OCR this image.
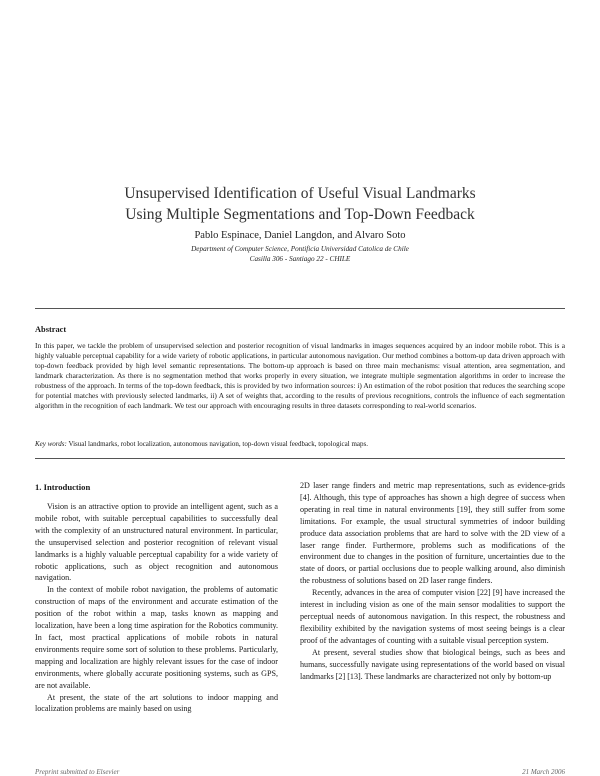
Unsupervised Identification of Useful Visual Landmarks
Using Multiple Segmentations and Top-Down Feedback
Pablo Espinace, Daniel Langdon, and Alvaro Soto
Department of Computer Science, Pontificia Universidad Catolica de Chile
Casilla 306 - Santiago 22 - CHILE
Abstract

In this paper, we tackle the problem of unsupervised selection and posterior recognition of visual landmarks in images sequences acquired by an indoor mobile robot. This is a highly valuable perceptual capability for a wide variety of robotic applications, in particular autonomous navigation. Our method combines a bottom-up data driven approach with top-down feedback provided by high level semantic representations. The bottom-up approach is based on three main mechanisms: visual attention, area segmentation, and landmark characterization. As there is no segmentation method that works properly in every situation, we integrate multiple segmentation algorithms in order to increase the robustness of the approach. In terms of the top-down feedback, this is provided by two information sources: i) An estimation of the robot position that reduces the searching scope for potential matches with previously selected landmarks, ii) A set of weights that, according to the results of previous recognitions, controls the influence of each segmentation algorithm in the recognition of each landmark. We test our approach with encouraging results in three datasets corresponding to real-world scenarios.

Key words: Visual landmarks, robot localization, autonomous navigation, top-down visual feedback, topological maps.
1. Introduction

Vision is an attractive option to provide an intelligent agent, such as a mobile robot, with suitable perceptual capabilities to successfully deal with the complexity of an unstructured natural environment. In particular, the unsupervised selection and posterior recognition of relevant visual landmarks is a highly valuable perceptual capability for a wide variety of robotic applications, such as object recognition and autonomous navigation.

In the context of mobile robot navigation, the problems of automatic construction of maps of the environment and accurate estimation of the position of the robot within a map, tasks known as mapping and localization, have been a long time aspiration for the Robotics community. In fact, most practical applications of mobile robots in natural environments require some sort of solution to these problems. Particularly, mapping and localization are highly relevant issues for the case of indoor environments, where globally accurate positioning systems, such as GPS, are not available.

At present, the state of the art solutions to indoor mapping and localization problems are mainly based on using

2D laser range finders and metric map representations, such as evidence-grids [4]. Although, this type of approaches has shown a high degree of success when operating in real time in natural environments [19], they still suffer from some limitations. For example, the usual structural symmetries of indoor building produce data association problems that are hard to solve with the 2D view of a laser range finder. Furthermore, problems such as modifications of the environment due to changes in the position of furniture, uncertainties due to the state of doors, or partial occlusions due to people walking around, also diminish the robustness of solutions based on 2D laser range finders.

Recently, advances in the area of computer vision [22] [9] have increased the interest in including vision as one of the main sensor modalities to support the perceptual needs of autonomous navigation. In this respect, the robustness and flexibility exhibited by the navigation systems of most seeing beings is a clear proof of the advantages of counting with a suitable visual perception system.

At present, several studies show that biological beings, such as bees and humans, successfully navigate using representations of the world based on visual landmarks [2] [13]. These landmarks are characterized not only by bottom-up

Preprint submitted to Elsevier	21 March 2006
